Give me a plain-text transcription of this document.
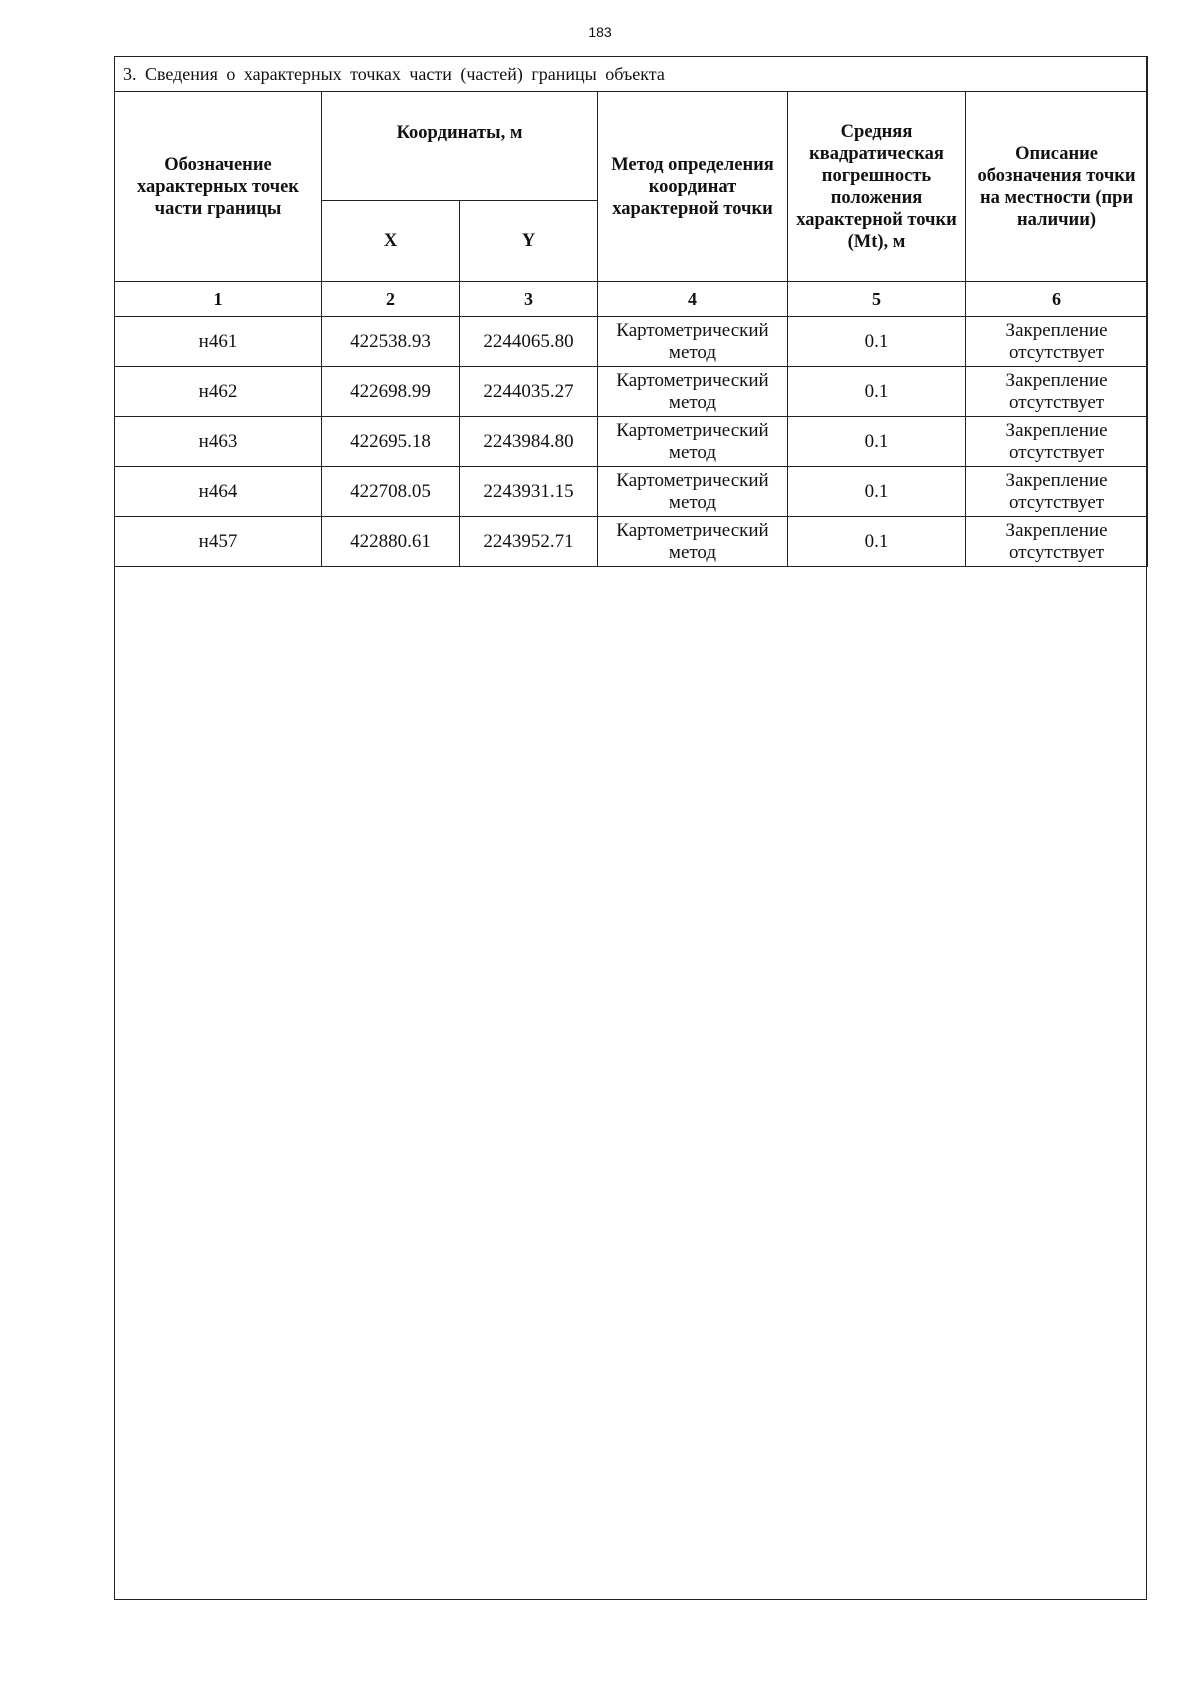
183
3. Сведения о характерных точках части (частей) границы объекта					
Обозначение характерных точек части границы	Координаты, м		Метод определения координат характерной точки	Средняя квадратическая погрешность положения характерной точки (Mt), м	Описание обозначения точки на местности (при наличии)
	X	Y			
1	2	3	4	5	6
н461	422538.93	2244065.80	Картометрический метод	0.1	Закрепление отсутствует
н462	422698.99	2244035.27	Картометрический метод	0.1	Закрепление отсутствует
н463	422695.18	2243984.80	Картометрический метод	0.1	Закрепление отсутствует
н464	422708.05	2243931.15	Картометрический метод	0.1	Закрепление отсутствует
н457	422880.61	2243952.71	Картометрический метод	0.1	Закрепление отсутствует
